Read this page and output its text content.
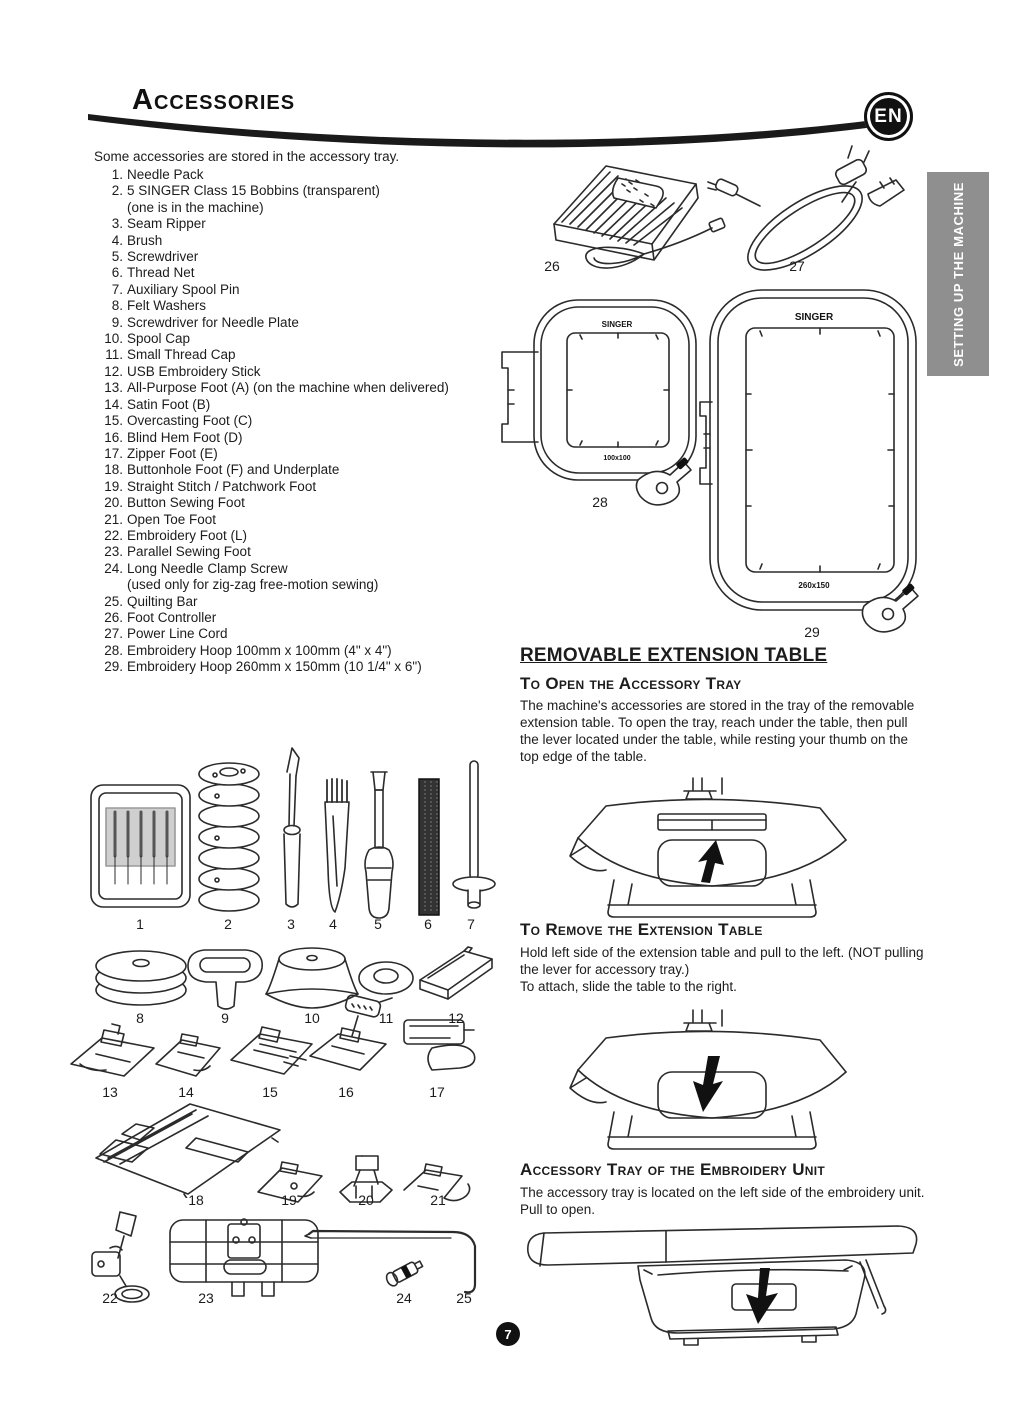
Accessories	EN
SETTING UP THE MACHINE
Some accessories are stored in the accessory tray.
1. Needle Pack
2. 5 SINGER Class 15 Bobbins (transparent)
(one is in the machine)
3. Seam Ripper
4. Brush
5. Screwdriver
6. Thread Net
7. Auxiliary Spool Pin
8. Felt Washers
9. Screwdriver for Needle Plate
10. Spool Cap
11. Small Thread Cap
12. USB Embroidery Stick
13. All-Purpose Foot (A) (on the machine when delivered)
14. Satin Foot (B)
15. Overcasting Foot (C)
16. Blind Hem Foot (D)
17. Zipper Foot (E)
18. Buttonhole Foot (F) and Underplate
19. Straight Stitch / Patchwork Foot
20. Button Sewing Foot
21. Open Toe Foot
22. Embroidery Foot (L)
23. Parallel Sewing Foot
24. Long Needle Clamp Screw
(used only for zig-zag free-motion sewing)
25. Quilting Bar
26. Foot Controller
27. Power Line Cord
28. Embroidery Hoop 100mm x 100mm (4" x 4")
29. Embroidery Hoop 260mm x 150mm (10 1/4" x 6")
26	27
SINGER
100x100
28
SINGER
260x150
29
REMOVABLE EXTENSION TABLE
To Open the Accessory Tray
The machine's accessories are stored in the tray of the removable extension table. To open the tray, reach under the table, then pull the lever located under the table, while resting your thumb on the top edge of the table.
To Remove the Extension Table
Hold left side of the extension table and pull to the left. (NOT pulling the lever for accessory tray.)
To attach, slide the table to the right.
Accessory Tray of the Embroidery Unit
The accessory tray is located on the left side of the embroidery unit. Pull to open.
7
1	2	3 4	5	6	7
8	9	10	11	12
13	14	15	16	17
18	19	20	21
22	23	24	25
